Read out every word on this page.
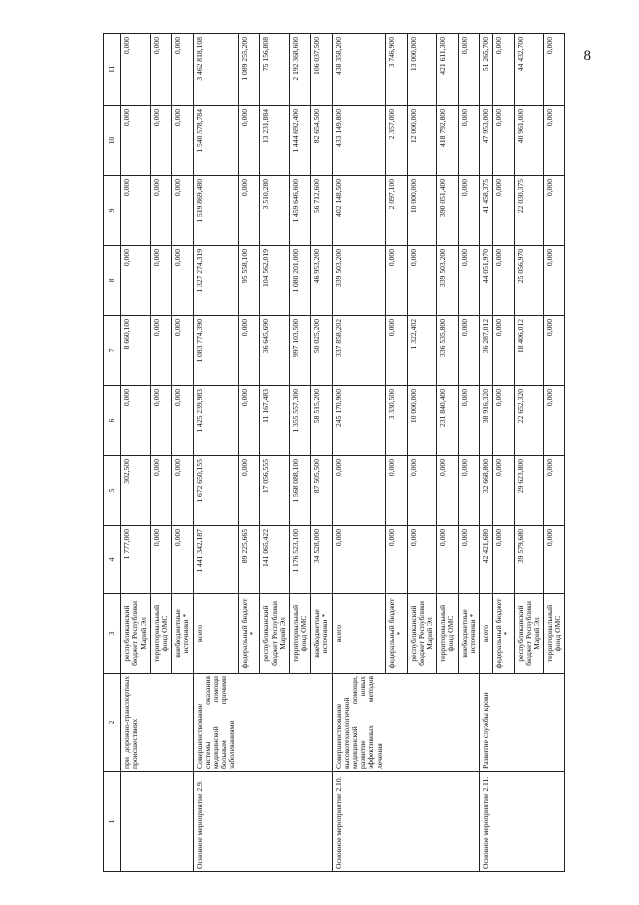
8
1	2	3	4	5	6	7	8	9	10	11
	при дорожно-транспортных происшествиях	республиканский бюджет Республики Марий Эл	1 777,000	302,500	0,000	8 660,100	0,000	0,000	0,000	0,000
		территориальный фонд ОМС	0,000	0,000	0,000	0,000	0,000	0,000	0,000	0,000
		внебюджетные источники *	0,000	0,000	0,000	0,000	0,000	0,000	0,000	0,000
Основное мероприятие 2.9.	Совершенствование системы оказания медицинской помощи больным прочими заболеваниями	всего	1 441 342,187	1 672 650,155	1 425 239,983	1 083 774,390	1 327 274,319	1 519 869,480	1 540 578,784	3 462 818,108
		федеральный бюджет *	89 225,665	0,000	0,000	0,000	95 558,100	0,000	0,000	1 089 255,200
		республиканский бюджет Республики Марий Эл	141 065,422	17 056,555	11 167,483	36 645,690	104 562,019	3 510,280	13 231,884	75 156,808
		территориальный фонд ОМС	1 176 523,100	1 568 088,100	1 355 557,300	997 103,500	1 080 201,000	1 459 646,600	1 444 692,400	2 192 368,600
		внебюджетные источники *	34 528,000	87 505,500	58 515,200	50 025,200	46 953,200	56 712,600	82 654,500	106 037,500
Основное мероприятие 2.10.	Совершенствование высокотехнологичной медицинской помощи, развитие новых эффективных методов лечения	всего	0,000	0,000	245 170,900	337 858,202	339 503,200	402 148,500	433 149,800	438 358,200
		федеральный бюджет *	0,000	0,000	3 330,500	0,000	0,000	2 097,100	2 357,000	3 746,900
		республиканский бюджет Республики Марий Эл	0,000	0,000	10 000,000	1 322,402	0,000	10 000,000	12 000,000	13 000,000
		территориальный фонд ОМС	0,000	0,000	231 840,400	336 535,800	339 503,200	390 051,400	418 792,800	421 611,300
		внебюджетные источники *	0,000	0,000	0,000	0,000	0,000	0,000	0,000	0,000
Основное мероприятие 2.11.	Развитие службы крови	всего	42 421,680	32 668,800	38 916,320	36 287,012	44 051,970	41 458,375	47 953,000	51 265,700
		федеральный бюджет *	0,000	0,000	0,000	0,000	0,000	0,000	0,000	0,000
		республиканский бюджет Республики Марий Эл	39 579,680	29 623,800	22 652,320	18 406,012	25 056,970	22 030,375	40 961,000	44 432,700
		территориальный фонд ОМС	0,000	0,000	0,000	0,000	0,000	0,000	0,000	0,000
